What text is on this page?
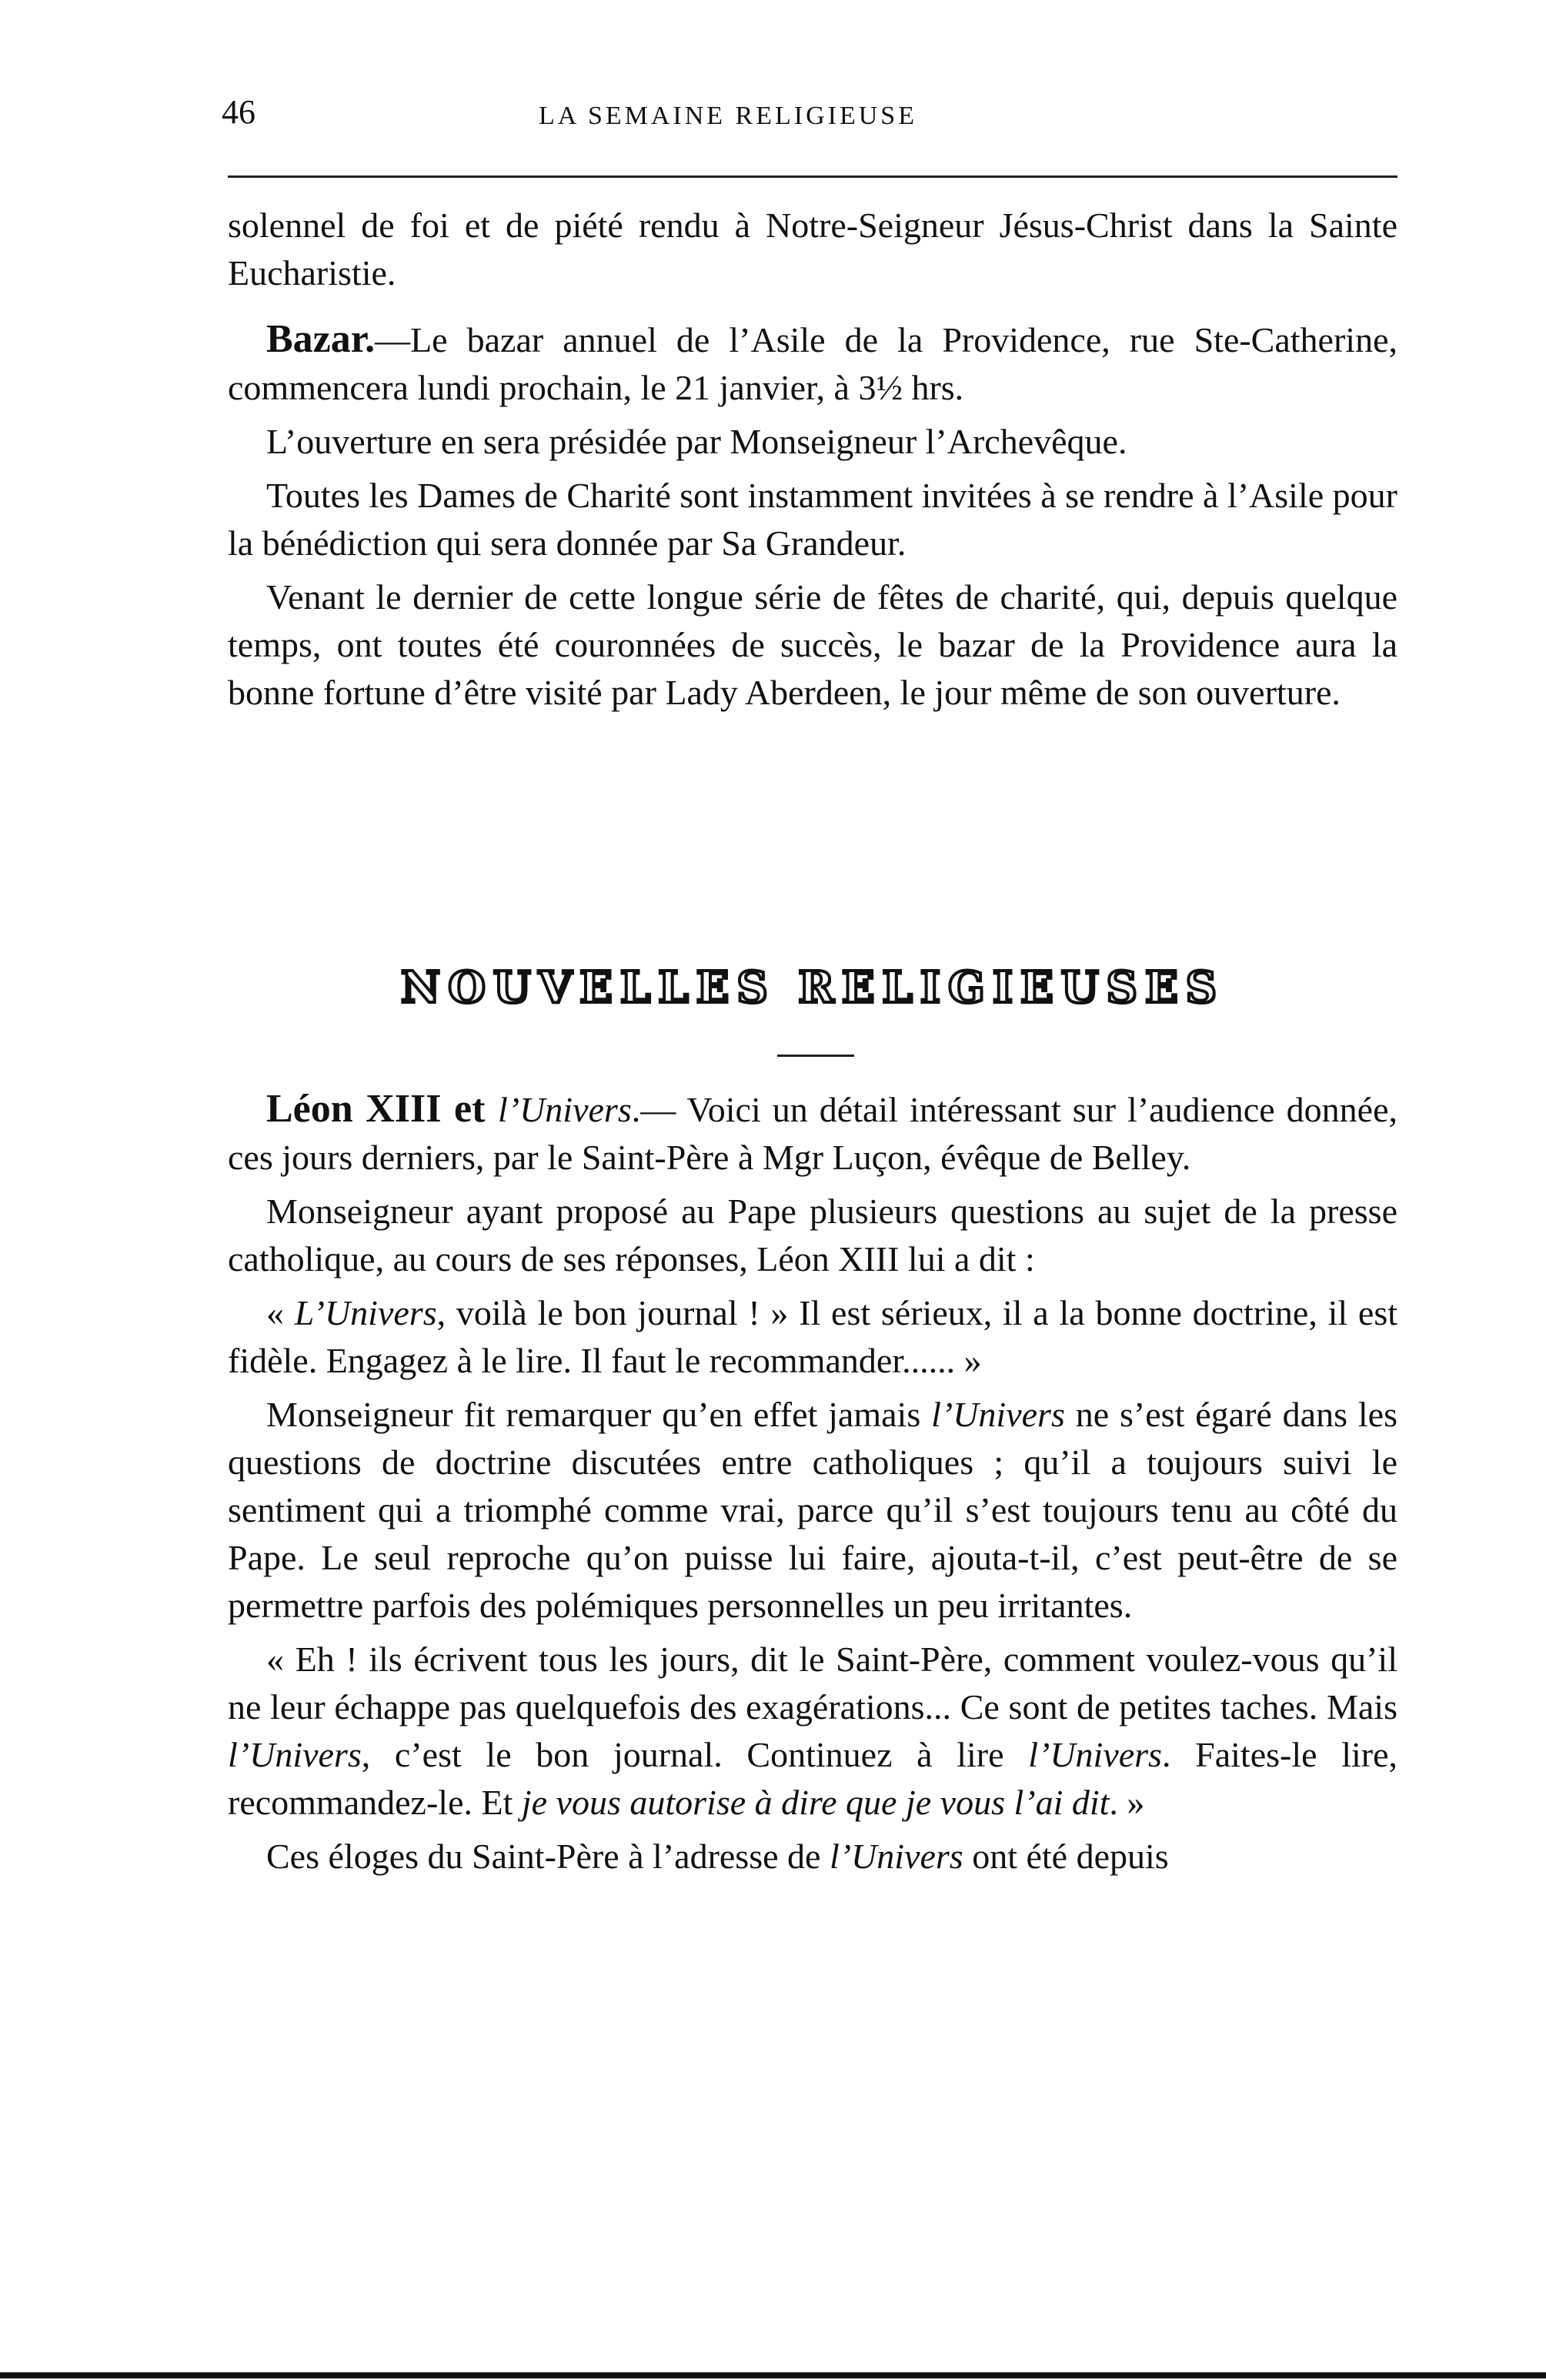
46	LA SEMAINE RELIGIEUSE

solennel de foi et de piété rendu à Notre-Seigneur Jésus-Christ dans la Sainte Eucharistie.

Bazar.—Le bazar annuel de l’Asile de la Providence, rue Ste-Catherine, commencera lundi prochain, le 21 janvier, à 3½ hrs.

L’ouverture en sera présidée par Monseigneur l’Archevêque.

Toutes les Dames de Charité sont instamment invitées à se rendre à l’Asile pour la bénédiction qui sera donnée par Sa Grandeur.

Venant le dernier de cette longue série de fêtes de charité, qui, depuis quelque temps, ont toutes été couronnées de succès, le bazar de la Providence aura la bonne fortune d’être visité par Lady Aberdeen, le jour même de son ouverture.

NOUVELLES RELIGIEUSES

Léon XIII et l’Univers.— Voici un détail intéressant sur l’audience donnée, ces jours derniers, par le Saint-Père à Mgr Luçon, évêque de Belley.

Monseigneur ayant proposé au Pape plusieurs questions au sujet de la presse catholique, au cours de ses réponses, Léon XIII lui a dit :

« L’Univers, voilà le bon journal ! » Il est sérieux, il a la bonne doctrine, il est fidèle. Engagez à le lire. Il faut le recommander...... »

Monseigneur fit remarquer qu’en effet jamais l’Univers ne s’est égaré dans les questions de doctrine discutées entre catholiques ; qu’il a toujours suivi le sentiment qui a triomphé comme vrai, parce qu’il s’est toujours tenu au côté du Pape. Le seul reproche qu’on puisse lui faire, ajouta-t-il, c’est peut-être de se permettre parfois des polémiques personnelles un peu irritantes.

« Eh ! ils écrivent tous les jours, dit le Saint-Père, comment voulez-vous qu’il ne leur échappe pas quelquefois des exagérations... Ce sont de petites taches. Mais l’Univers, c’est le bon journal. Continuez à lire l’Univers. Faites-le lire, recommandez-le. Et je vous autorise à dire que je vous l’ai dit. »

Ces éloges du Saint-Père à l’adresse de l’Univers ont été depuis
